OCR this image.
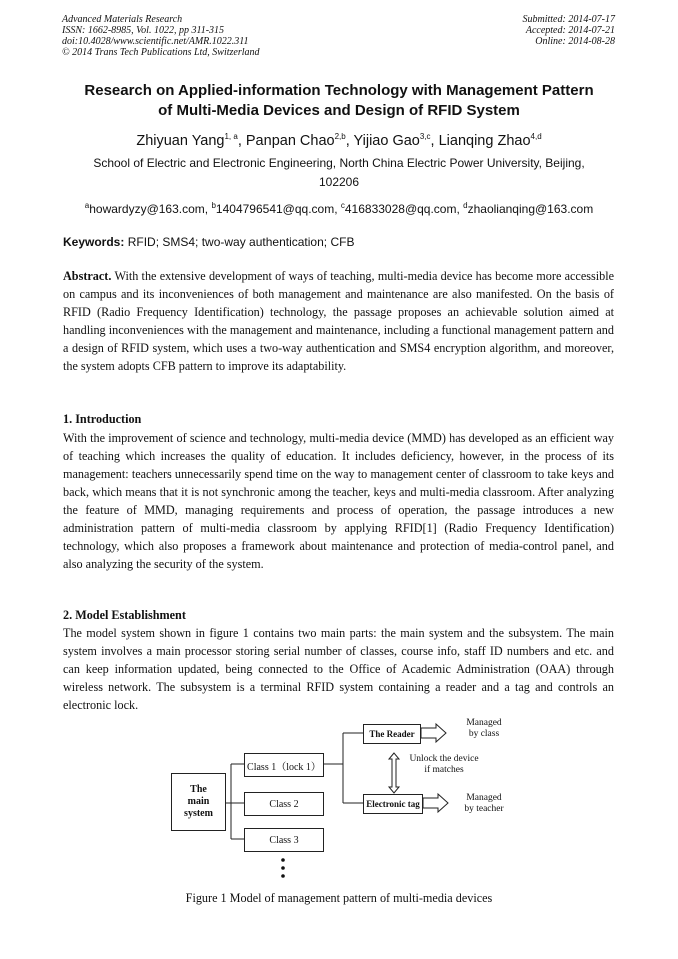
Advanced Materials Research
ISSN: 1662-8985, Vol. 1022, pp 311-315
doi:10.4028/www.scientific.net/AMR.1022.311
© 2014 Trans Tech Publications Ltd, Switzerland
Submitted: 2014-07-17
Accepted: 2014-07-21
Online: 2014-08-28
Research on Applied-information Technology with Management Pattern
of Multi-Media Devices and Design of RFID System
Zhiyuan Yang$^{1, a}$, Panpan Chao$^{2,b}$, Yijiao Gao$^{3,c}$, Lianqing Zhao$^{4,d}$
School of Electric and Electronic Engineering, North China Electric Power University, Beijing,
102206
$^a$howardyzy@163.com, $^b$1404796541@qq.com, $^c$416833028@qq.com, $^d$zhaolianqing@163.com
Keywords: RFID; SMS4; two-way authentication; CFB
Abstract. With the extensive development of ways of teaching, multi-media device has become more accessible on campus and its inconveniences of both management and maintenance are also manifested. On the basis of RFID (Radio Frequency Identification) technology, the passage proposes an achievable solution aimed at handling inconveniences with the management and maintenance, including a functional management pattern and a design of RFID system, which uses a two-way authentication and SMS4 encryption algorithm, and moreover, the system adopts CFB pattern to improve its adaptability.
1. Introduction
With the improvement of science and technology, multi-media device (MMD) has developed as an efficient way of teaching which increases the quality of education. It includes deficiency, however, in the process of its management: teachers unnecessarily spend time on the way to management center of classroom to take keys and back, which means that it is not synchronic among the teacher, keys and multi-media classroom. After analyzing the feature of MMD, managing requirements and process of operation, the passage introduces a new administration pattern of multi-media classroom by applying RFID[1] (Radio Frequency Identification) technology, which also proposes a framework about maintenance and protection of media-control panel, and also analyzing the security of the system.
2. Model Establishment
The model system shown in figure 1 contains two main parts: the main system and the subsystem. The main system involves a main processor storing serial number of classes, course info, staff ID numbers and etc. and can keep information updated, being connected to the Office of Academic Administration (OAA) through wireless network. The subsystem is a terminal RFID system containing a reader and a tag and controls an electronic lock.
The
main
system
Class 1（lock 1）
Class 2
Class 3
The Reader
Electronic tag
Unlock the device
if matches
Managed
by class
Managed
by teacher
Figure 1 Model of management pattern of multi-media devices
